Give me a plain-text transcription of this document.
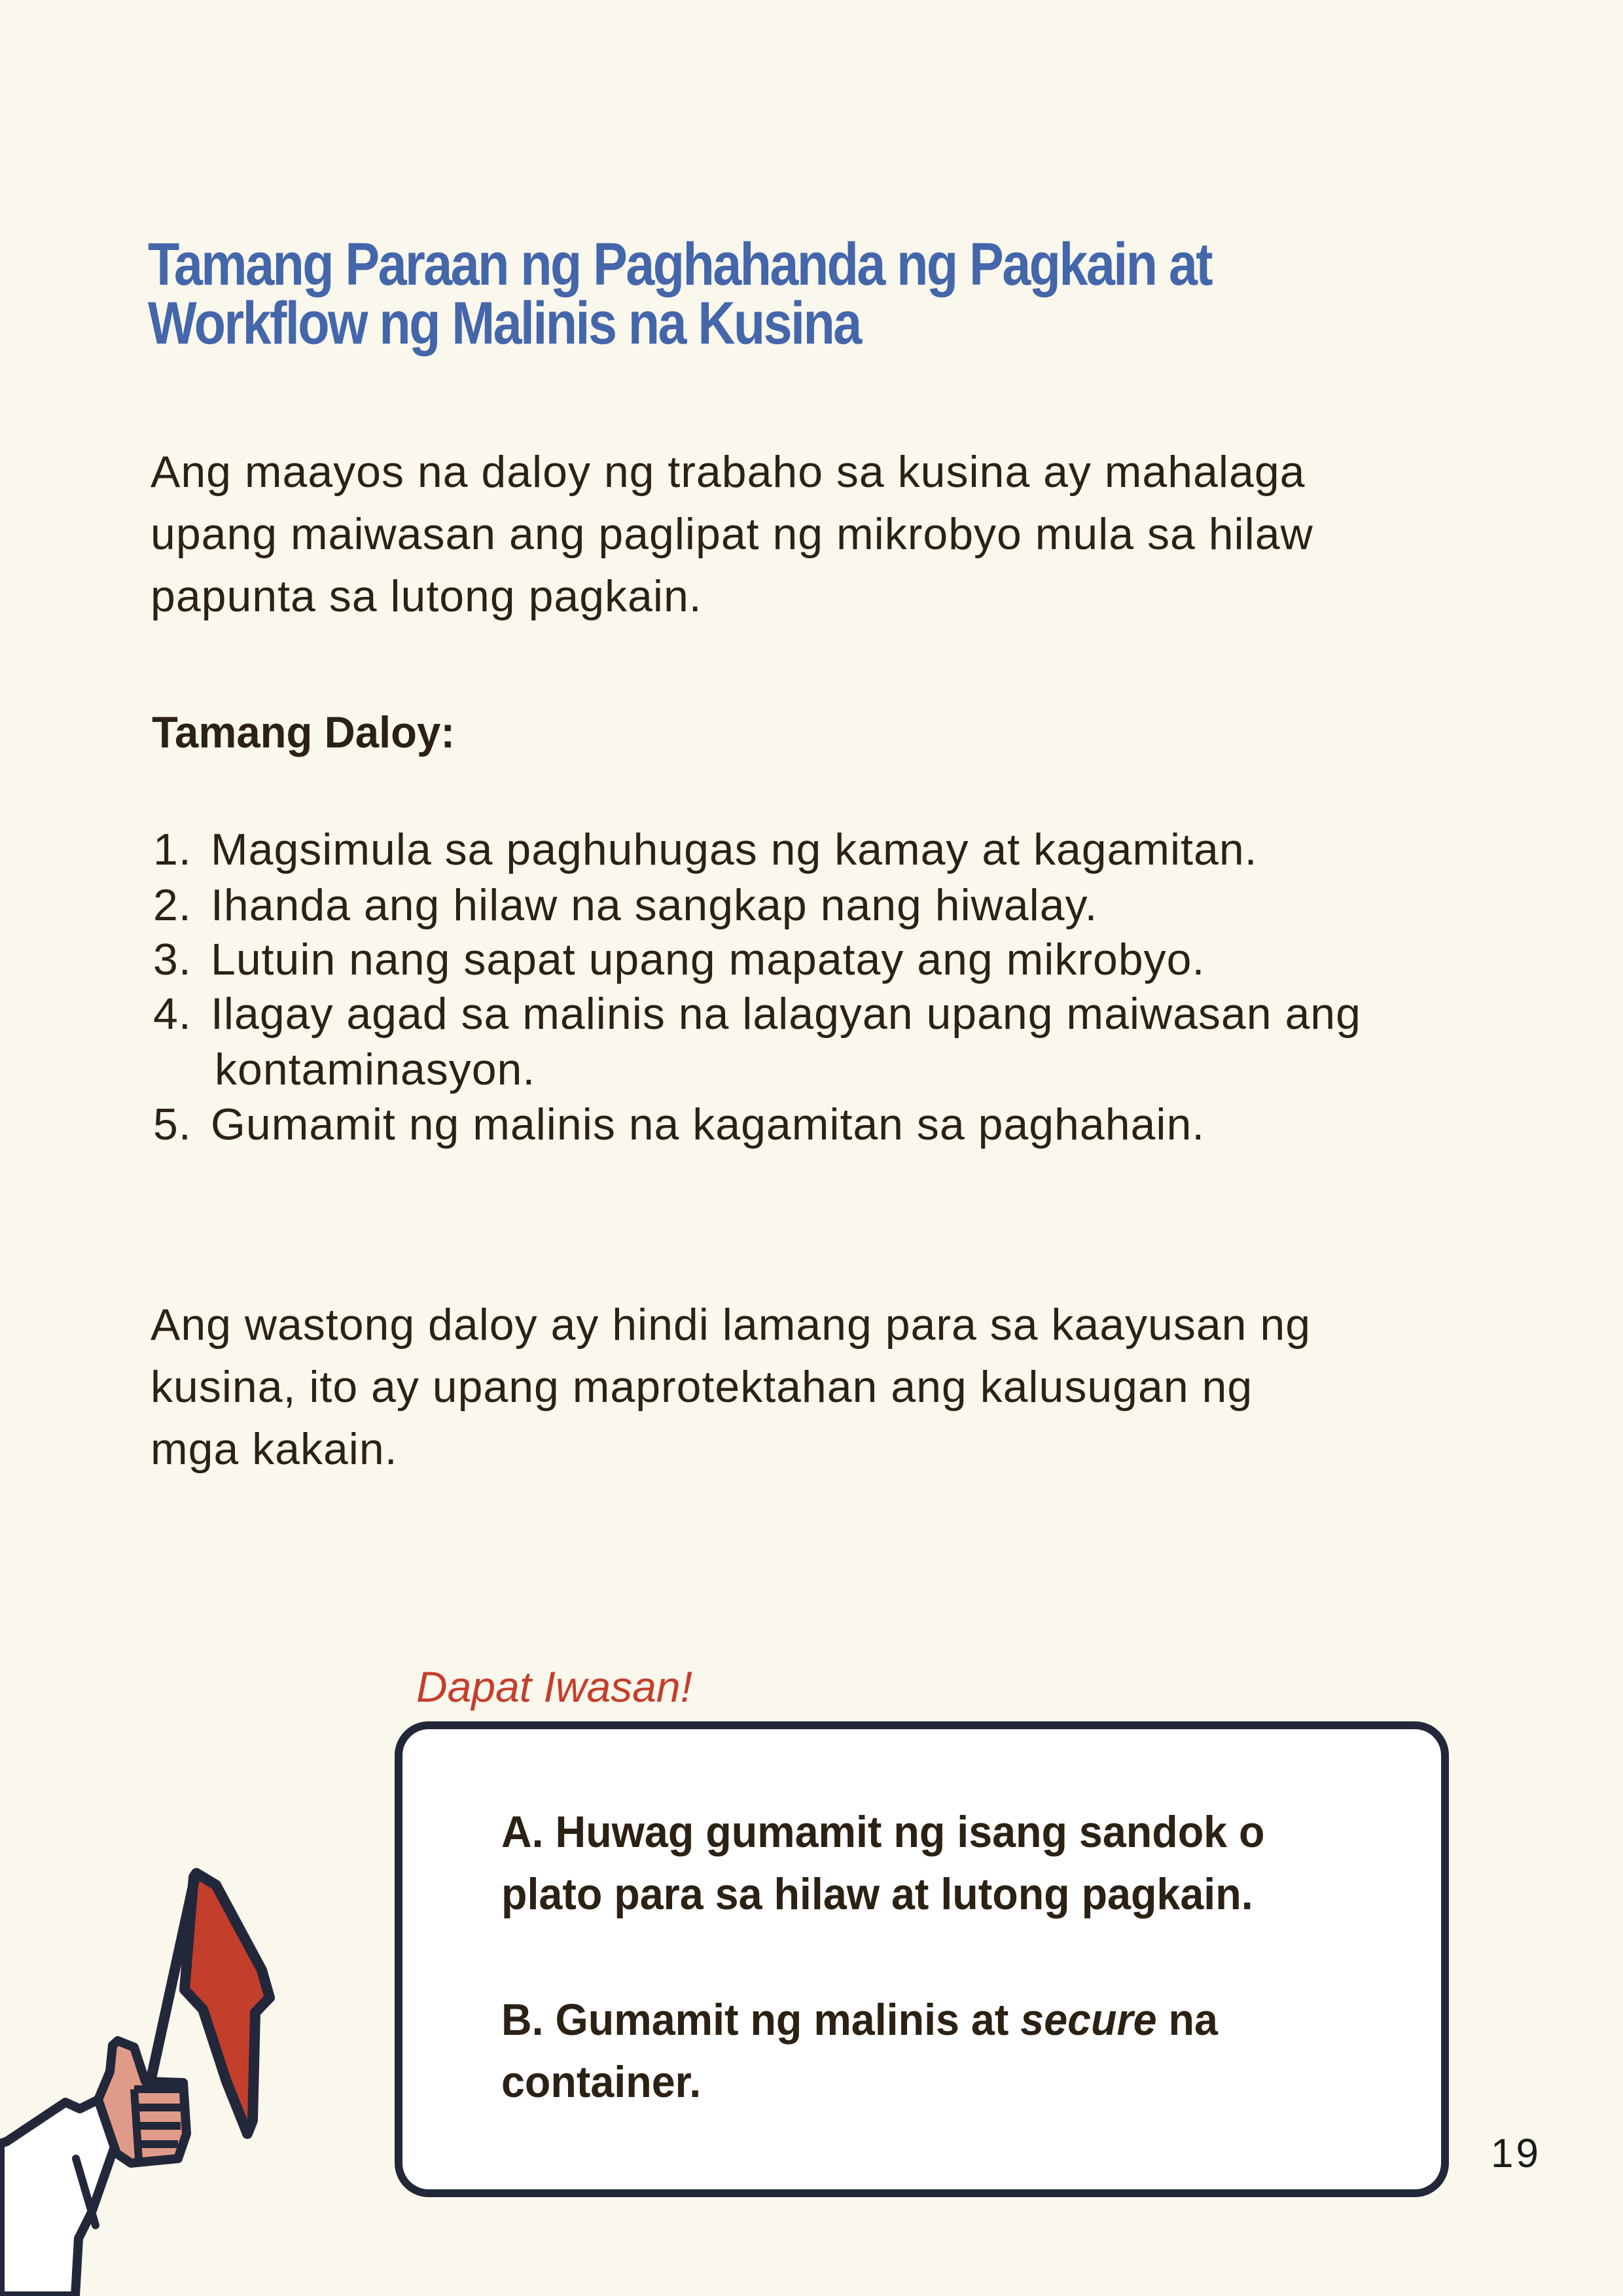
Tamang Paraan ng Paghahanda ng Pagkain at
Workflow ng Malinis na Kusina

Ang maayos na daloy ng trabaho sa kusina ay mahalaga

upang maiwasan ang paglipat ng mikrobyo mula sa hilaw

papunta sa lutong pagkain.

Tamang Daloy:
1. Magsimula sa paghuhugas ng kamay at kagamitan.
2. Ihanda ang hilaw na sangkap nang hiwalay.
3. Lutuin nang sapat upang mapatay ang mikrobyo.
4. Ilagay agad sa malinis na lalagyan upang maiwasan ang
kontaminasyon.
5. Gumamit ng malinis na kagamitan sa paghahain.

Ang wastong daloy ay hindi lamang para sa kaayusan ng

kusina, ito ay upang maprotektahan ang kalusugan ng

mga kakain.

Dapat Iwasan!
A. Huwag gumamit ng isang sandok o
plato para sa hilaw at lutong pagkain.
B. Gumamit ng malinis at secure na
container.
19
